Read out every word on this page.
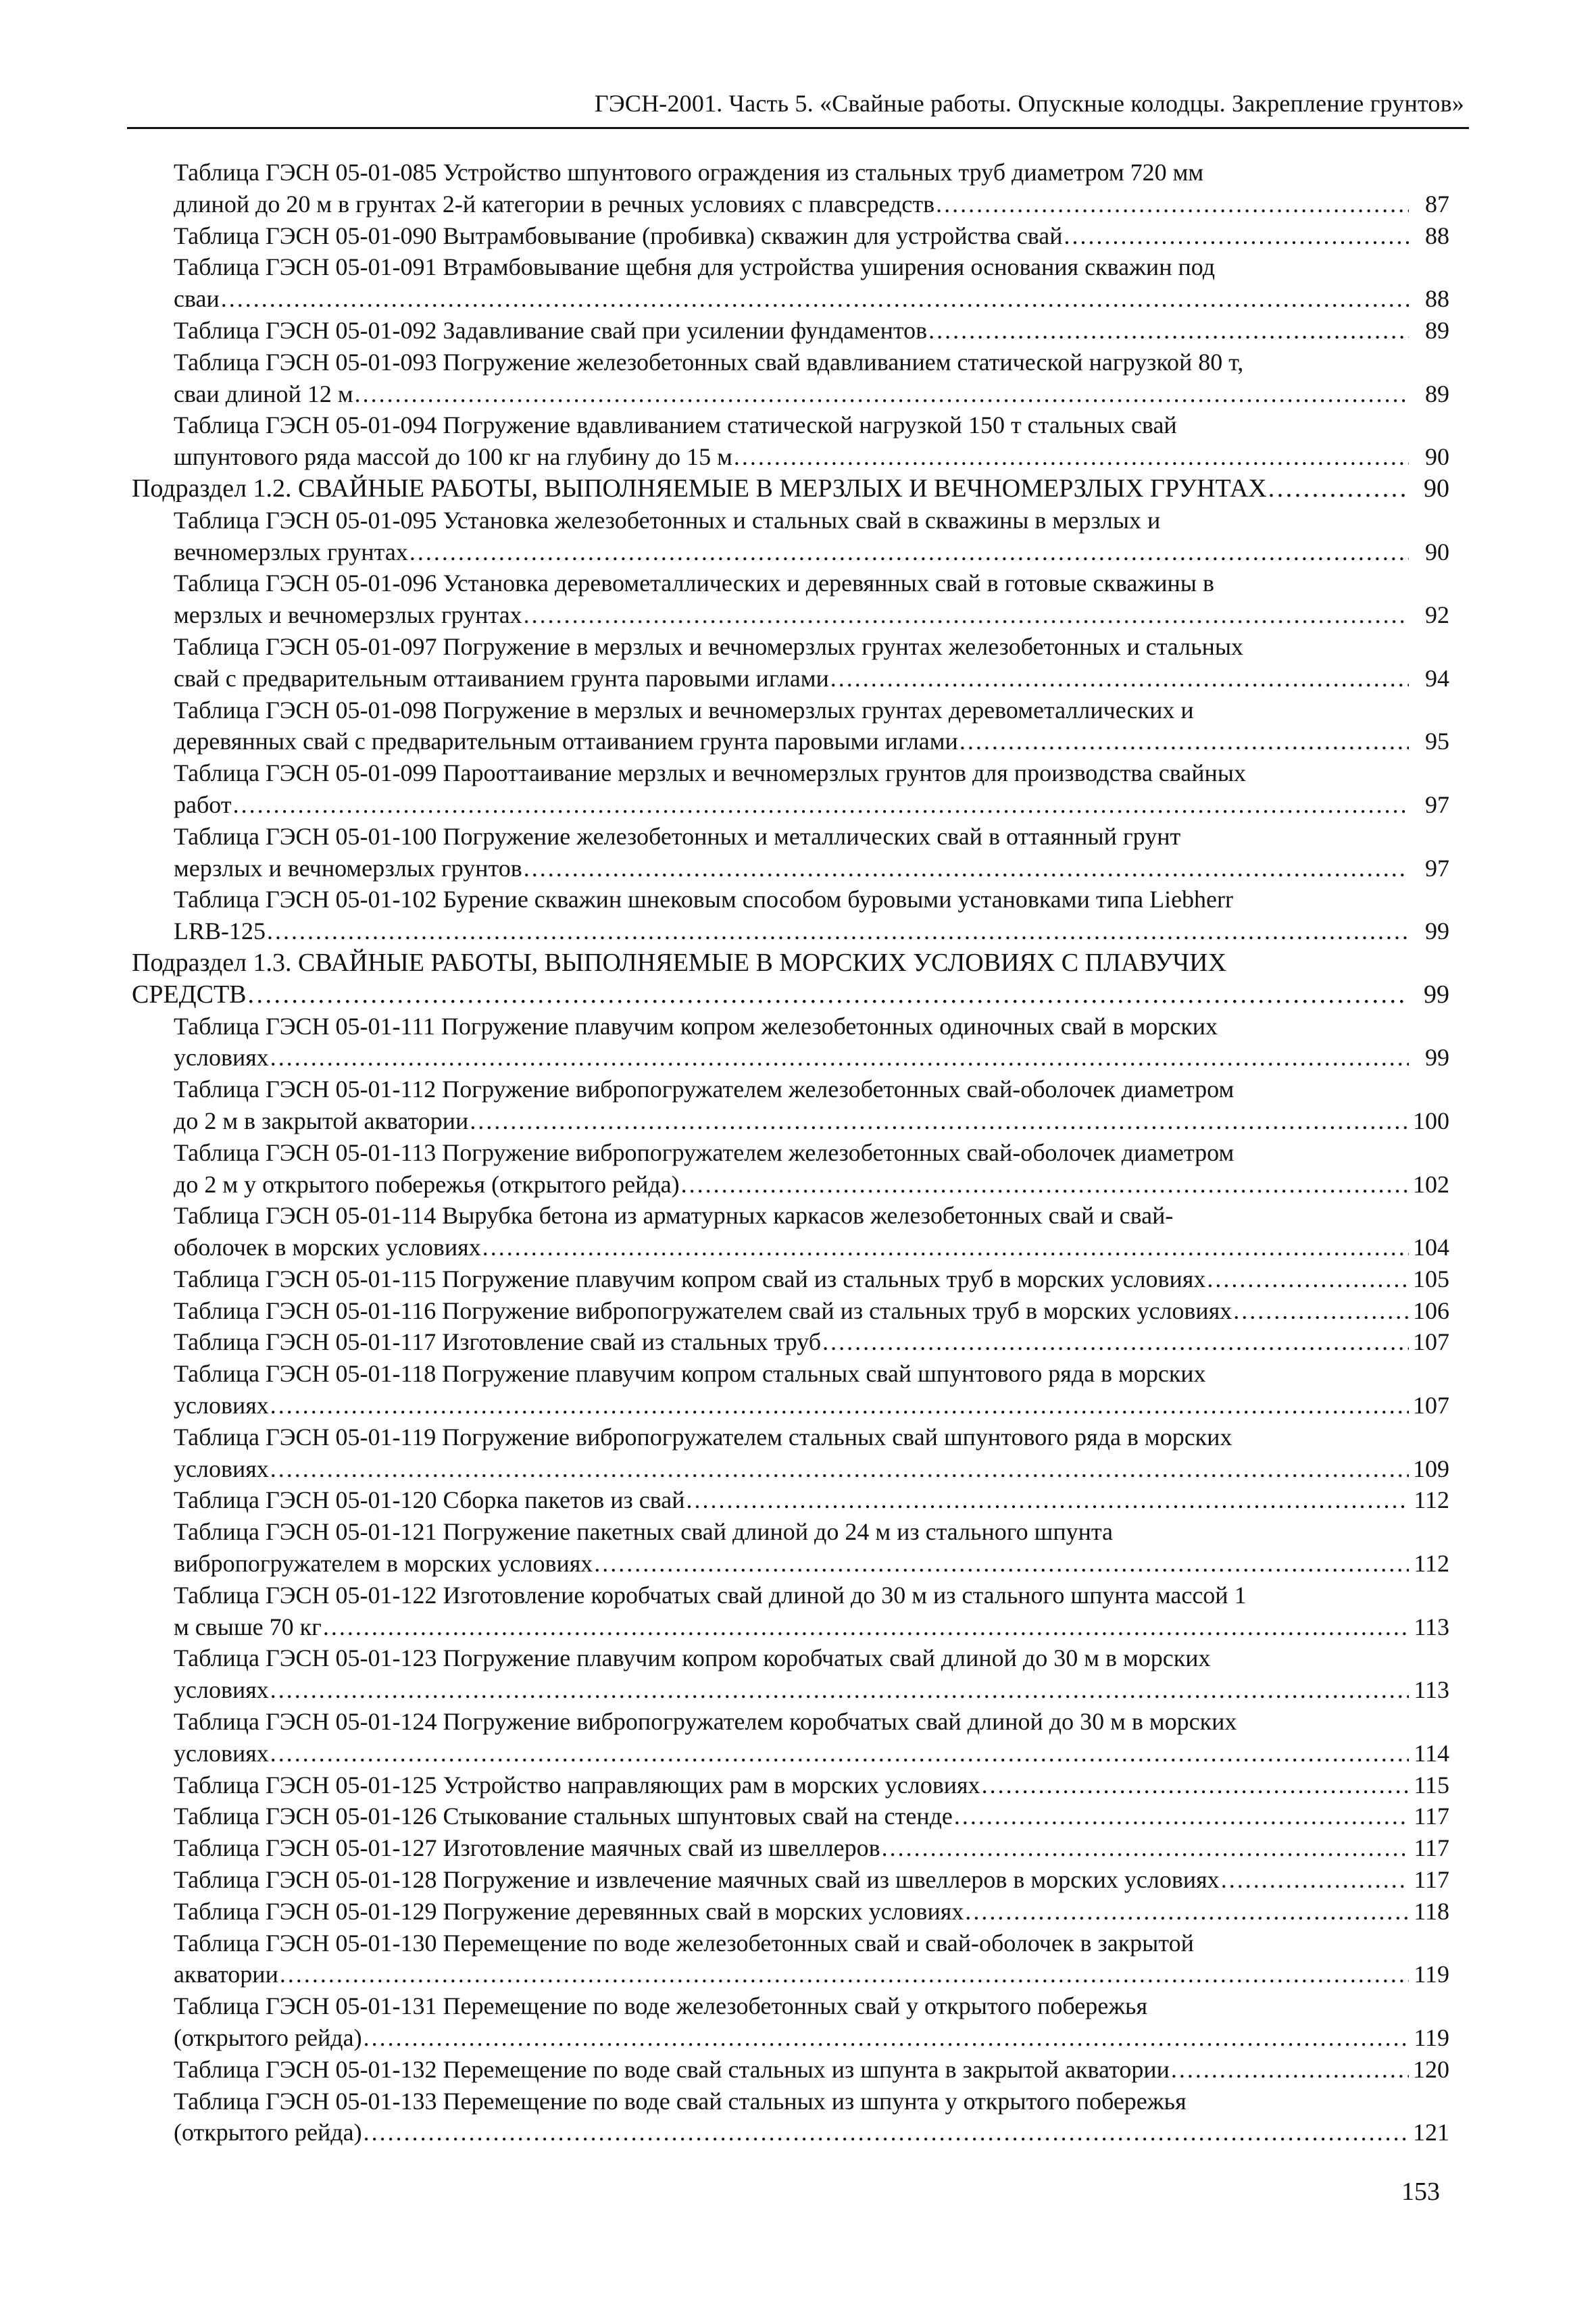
ГЭСН-2001. Часть 5. «Свайные работы. Опускные колодцы. Закрепление грунтов»
Таблица ГЭСН 05-01-085 Устройство шпунтового ограждения из стальных труб диаметром 720 мм
длиной до 20 м в грунтах 2-й категории в речных условиях с плавсредств . . .	87
Таблица ГЭСН 05-01-090 Вытрамбовывание (пробивка) скважин для устройства свай . . .	88
Таблица ГЭСН 05-01-091 Втрамбовывание щебня для устройства уширения основания скважин под
сваи . . .	88
Таблица ГЭСН 05-01-092 Задавливание свай при усилении фундаментов . . .	89
Таблица ГЭСН 05-01-093 Погружение железобетонных свай вдавливанием статической нагрузкой 80 т,
сваи длиной 12 м . . .	89
Таблица ГЭСН 05-01-094 Погружение вдавливанием статической нагрузкой 150 т стальных свай
шпунтового ряда массой до 100 кг на глубину до 15 м . . .	90
Подраздел 1.2. СВАЙНЫЕ РАБОТЫ, ВЫПОЛНЯЕМЫЕ В МЕРЗЛЫХ И ВЕЧНОМЕРЗЛЫХ ГРУНТАХ . . .	90
Таблица ГЭСН 05-01-095 Установка железобетонных и стальных свай в скважины в мерзлых и
вечномерзлых грунтах . . .	90
Таблица ГЭСН 05-01-096 Установка деревометаллических и деревянных свай в готовые скважины в
мерзлых и вечномерзлых грунтах . . .	92
Таблица ГЭСН 05-01-097 Погружение в мерзлых и вечномерзлых грунтах железобетонных и стальных
свай с предварительным оттаиванием грунта паровыми иглами . . .	94
Таблица ГЭСН 05-01-098 Погружение в мерзлых и вечномерзлых грунтах деревометаллических и
деревянных свай с предварительным оттаиванием грунта паровыми иглами . . .	95
Таблица ГЭСН 05-01-099 Парооттаивание мерзлых и вечномерзлых грунтов для производства свайных
работ . . .	97
Таблица ГЭСН 05-01-100 Погружение железобетонных и металлических свай в оттаянный грунт
мерзлых и вечномерзлых грунтов . . .	97
Таблица ГЭСН 05-01-102 Бурение скважин шнековым способом буровыми установками типа Liebherr
LRB-125 . . .	99
Подраздел 1.3. СВАЙНЫЕ РАБОТЫ, ВЫПОЛНЯЕМЫЕ В МОРСКИХ УСЛОВИЯХ С ПЛАВУЧИХ
СРЕДСТВ . . .	99
Таблица ГЭСН 05-01-111 Погружение плавучим копром железобетонных одиночных свай в морских
условиях . . .	99
Таблица ГЭСН 05-01-112 Погружение вибропогружателем железобетонных свай-оболочек диаметром
до 2 м в закрытой акватории . . .	100
Таблица ГЭСН 05-01-113 Погружение вибропогружателем железобетонных свай-оболочек диаметром
до 2 м у открытого побережья (открытого рейда) . . .	102
Таблица ГЭСН 05-01-114 Вырубка бетона из арматурных каркасов железобетонных свай и свай-
оболочек в морских условиях . . .	104
Таблица ГЭСН 05-01-115 Погружение плавучим копром свай из стальных труб в морских условиях . . .	105
Таблица ГЭСН 05-01-116 Погружение вибропогружателем свай из стальных труб в морских условиях . . .	106
Таблица ГЭСН 05-01-117 Изготовление свай из стальных труб . . .	107
Таблица ГЭСН 05-01-118 Погружение плавучим копром стальных свай шпунтового ряда в морских
условиях . . .	107
Таблица ГЭСН 05-01-119 Погружение вибропогружателем стальных свай шпунтового ряда в морских
условиях . . .	109
Таблица ГЭСН 05-01-120 Сборка пакетов из свай . . .	112
Таблица ГЭСН 05-01-121 Погружение пакетных свай длиной до 24 м из стального шпунта
вибропогружателем в морских условиях . . .	112
Таблица ГЭСН 05-01-122 Изготовление коробчатых свай длиной до 30 м из стального шпунта массой 1
м свыше 70 кг . . .	113
Таблица ГЭСН 05-01-123 Погружение плавучим копром коробчатых свай длиной до 30 м в морских
условиях . . .	113
Таблица ГЭСН 05-01-124 Погружение вибропогружателем коробчатых свай длиной до 30 м в морских
условиях . . .	114
Таблица ГЭСН 05-01-125 Устройство направляющих рам в морских условиях . . .	115
Таблица ГЭСН 05-01-126 Стыкование стальных шпунтовых свай на стенде . . .	117
Таблица ГЭСН 05-01-127 Изготовление маячных свай из швеллеров . . .	117
Таблица ГЭСН 05-01-128 Погружение и извлечение маячных свай из швеллеров в морских условиях . . .	117
Таблица ГЭСН 05-01-129 Погружение деревянных свай в морских условиях . . .	118
Таблица ГЭСН 05-01-130 Перемещение по воде железобетонных свай и свай-оболочек в закрытой
акватории . . .	119
Таблица ГЭСН 05-01-131 Перемещение по воде железобетонных свай у открытого побережья
(открытого рейда) . . .	119
Таблица ГЭСН 05-01-132 Перемещение по воде свай стальных из шпунта в закрытой акватории . . .	120
Таблица ГЭСН 05-01-133 Перемещение по воде свай стальных из шпунта у открытого побережья
(открытого рейда) . . .	121
153
